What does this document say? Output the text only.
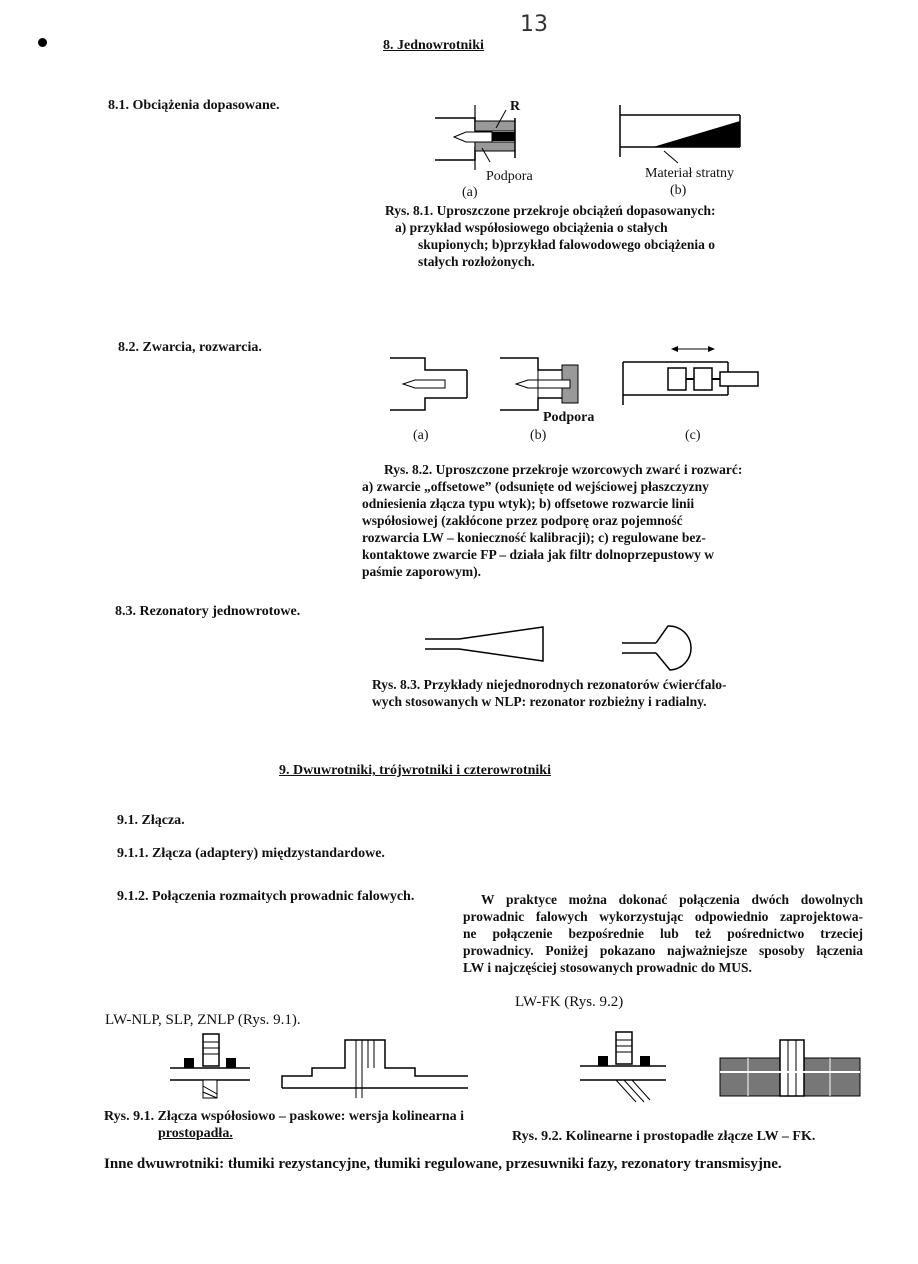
13
8. Jednowrotniki
8.1. Obciążenia dopasowane.	R
Podpora
(a)
Materiał stratny
(b)
Rys. 8.1. Uproszczone przekroje obciążeń dopasowanych:
a) przykład współosiowego obciążenia o stałych
skupionych; b)przykład falowodowego obciążenia o
stałych rozłożonych.
8.2. Zwarcia, rozwarcia.
(a)
Podpora
(b)	(c)
Rys. 8.2. Uproszczone przekroje wzorcowych zwarć i rozwarć:
a) zwarcie „offsetowe” (odsunięte od wejściowej płaszczyzny
odniesienia złącza typu wtyk); b) offsetowe rozwarcie linii
współosiowej (zakłócone przez podporę oraz pojemność
rozwarcia LW – konieczność kalibracji); c) regulowane bez-
kontaktowe zwarcie FP – działa jak filtr dolnoprzepustowy w
paśmie zaporowym).
8.3. Rezonatory jednowrotowe.
Rys. 8.3. Przykłady niejednorodnych rezonatorów ćwierćfalo-
wych stosowanych w NLP: rezonator rozbieżny i radialny.
9. Dwuwrotniki, trójwrotniki i czterowrotniki
9.1. Złącza.
9.1.1. Złącza (adaptery) międzystandardowe.
9.1.2. Połączenia rozmaitych prowadnic falowych.	W praktyce można dokonać połączenia dwóch dowolnych
prowadnic falowych wykorzystując odpowiednio zaprojektowa-
ne połączenie bezpośrednie lub też pośrednictwo trzeciej
prowadnicy. Poniżej pokazano najważniejsze sposoby łączenia
LW i najczęściej stosowanych prowadnic do MUS.
LW-NLP, SLP, ZNLP (Rys. 9.1).
LW-FK (Rys. 9.2)
Rys. 9.1. Złącza współosiowo – paskowe: wersja kolinearna i
prostopadła.	Rys. 9.2. Kolinearne i prostopadłe złącze LW – FK.
Inne dwuwrotniki: tłumiki rezystancyjne, tłumiki regulowane, przesuwniki fazy, rezonatory transmisyjne.
